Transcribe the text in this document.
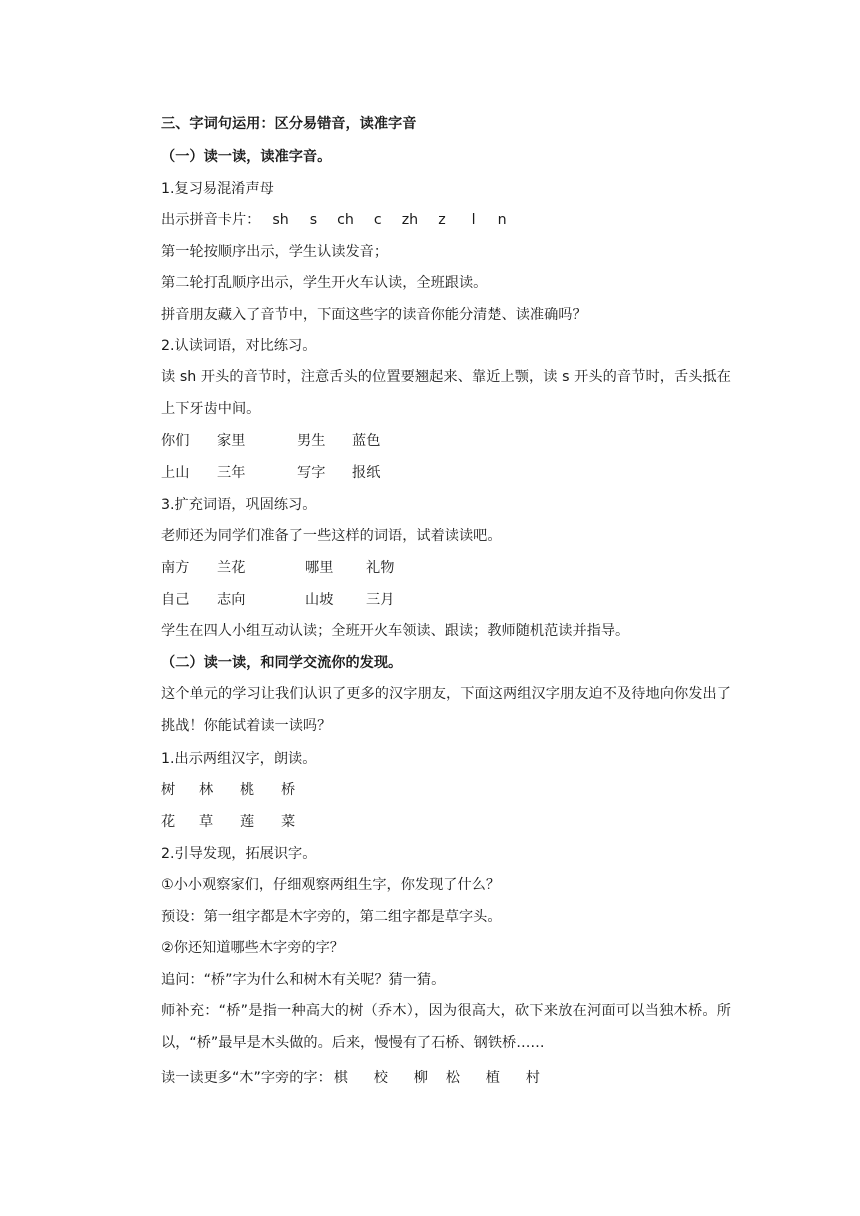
三、字词句运用：区分易错音，读准字音

（一）读一读，读准字音。

1.复习易混淆声母

出示拼音卡片： sh s ch c zh z l n

第一轮按顺序出示，学生认读发音；

第二轮打乱顺序出示，学生开火车认读，全班跟读。

拼音朋友藏入了音节中，下面这些字的读音你能分清楚、读准确吗？

2.认读词语，对比练习。

读 sh 开头的音节时，注意舌头的位置要翘起来、靠近上颚，读 s 开头的音节时，舌头抵在上下牙齿中间。

你们 家里	男生 蓝色

上山 三年	写字 报纸

3.扩充词语，巩固练习。

老师还为同学们准备了一些这样的词语，试着读读吧。

南方 兰花	哪里 礼物

自己 志向	山坡 三月

学生在四人小组互动认读；全班开火车领读、跟读；教师随机范读并指导。

（二）读一读，和同学交流你的发现。

这个单元的学习让我们认识了更多的汉字朋友，下面这两组汉字朋友迫不及待地向你发出了挑战！你能试着读一读吗？

1.出示两组汉字，朗读。

树 林 桃 桥

花 草 莲 菜

2.引导发现，拓展识字。

①小小观察家们，仔细观察两组生字，你发现了什么？

预设：第一组字都是木字旁的，第二组字都是草字头。

②你还知道哪些木字旁的字？

追问：“桥”字为什么和树木有关呢？猜一猜。

师补充：“桥”是指一种高大的树（乔木），因为很高大，砍下来放在河面可以当独木桥。所以，“桥”最早是木头做的。后来，慢慢有了石桥、钢铁桥……

读一读更多“木”字旁的字： 棋 校 柳 松 植 村
